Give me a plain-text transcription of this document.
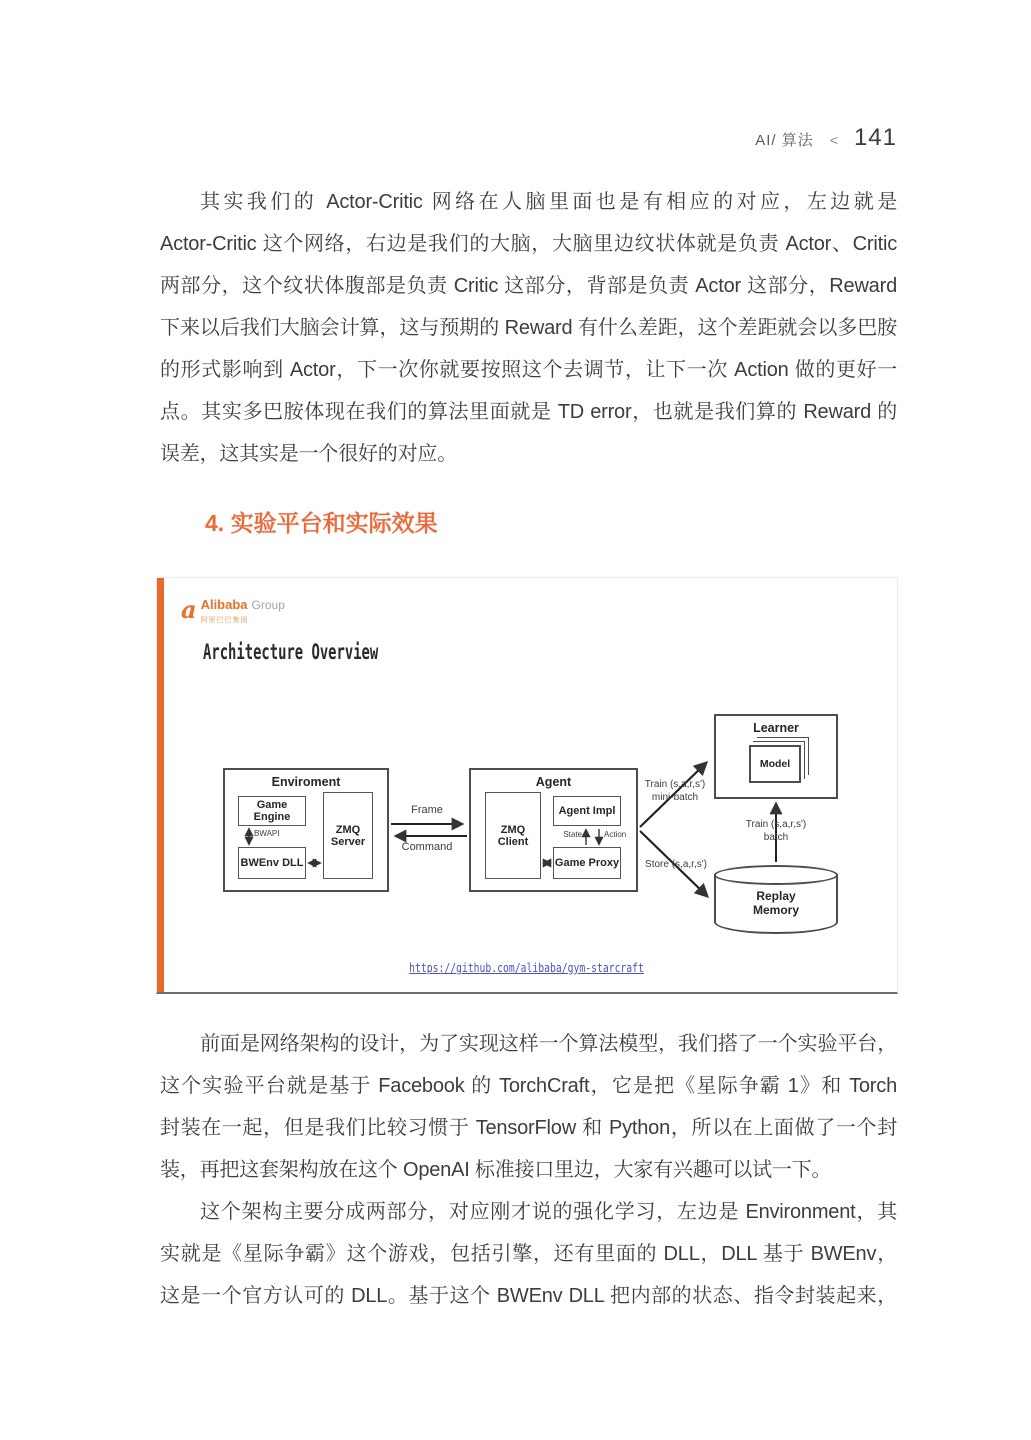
AI/ 算法 < 141
其实我们的 Actor-Critic 网络在人脑里面也是有相应的对应，左边就是
Actor-Critic 这个网络，右边是我们的大脑，大脑里边纹状体就是负责 Actor、Critic
两部分，这个纹状体腹部是负责 Critic 这部分，背部是负责 Actor 这部分，Reward
下来以后我们大脑会计算，这与预期的 Reward 有什么差距，这个差距就会以多巴胺
的形式影响到 Actor，下一次你就要按照这个去调节，让下一次 Action 做的更好一
点。其实多巴胺体现在我们的算法里面就是 TD error，也就是我们算的 Reward 的
误差，这其实是一个很好的对应。
4. 实验平台和实际效果
a Alibaba Group
阿里巴巴集团
Architecture Overview
Enviroment
Game Engine
BWEnv DLL
ZMQ
Server
BWAPI
Frame
Command
Agent
ZMQ
Client
Agent Impl
Game Proxy
State	Action
Train (s,a,r,s')
mini-batch
Store (s,a,r,s')
Train (s,a,r,s')
batch
Learner
Model
Replay
Memory
https://github.com/alibaba/gym-starcraft
前面是网络架构的设计，为了实现这样一个算法模型，我们搭了一个实验平台，
这个实验平台就是基于 Facebook 的 TorchCraft，它是把《星际争霸 1》和 Torch
封装在一起，但是我们比较习惯于 TensorFlow 和 Python，所以在上面做了一个封
装，再把这套架构放在这个 OpenAI 标准接口里边，大家有兴趣可以试一下。
这个架构主要分成两部分，对应刚才说的强化学习，左边是 Environment，其
实就是《星际争霸》这个游戏，包括引擎，还有里面的 DLL，DLL 基于 BWEnv，
这是一个官方认可的 DLL。基于这个 BWEnv DLL 把内部的状态、指令封装起来，
